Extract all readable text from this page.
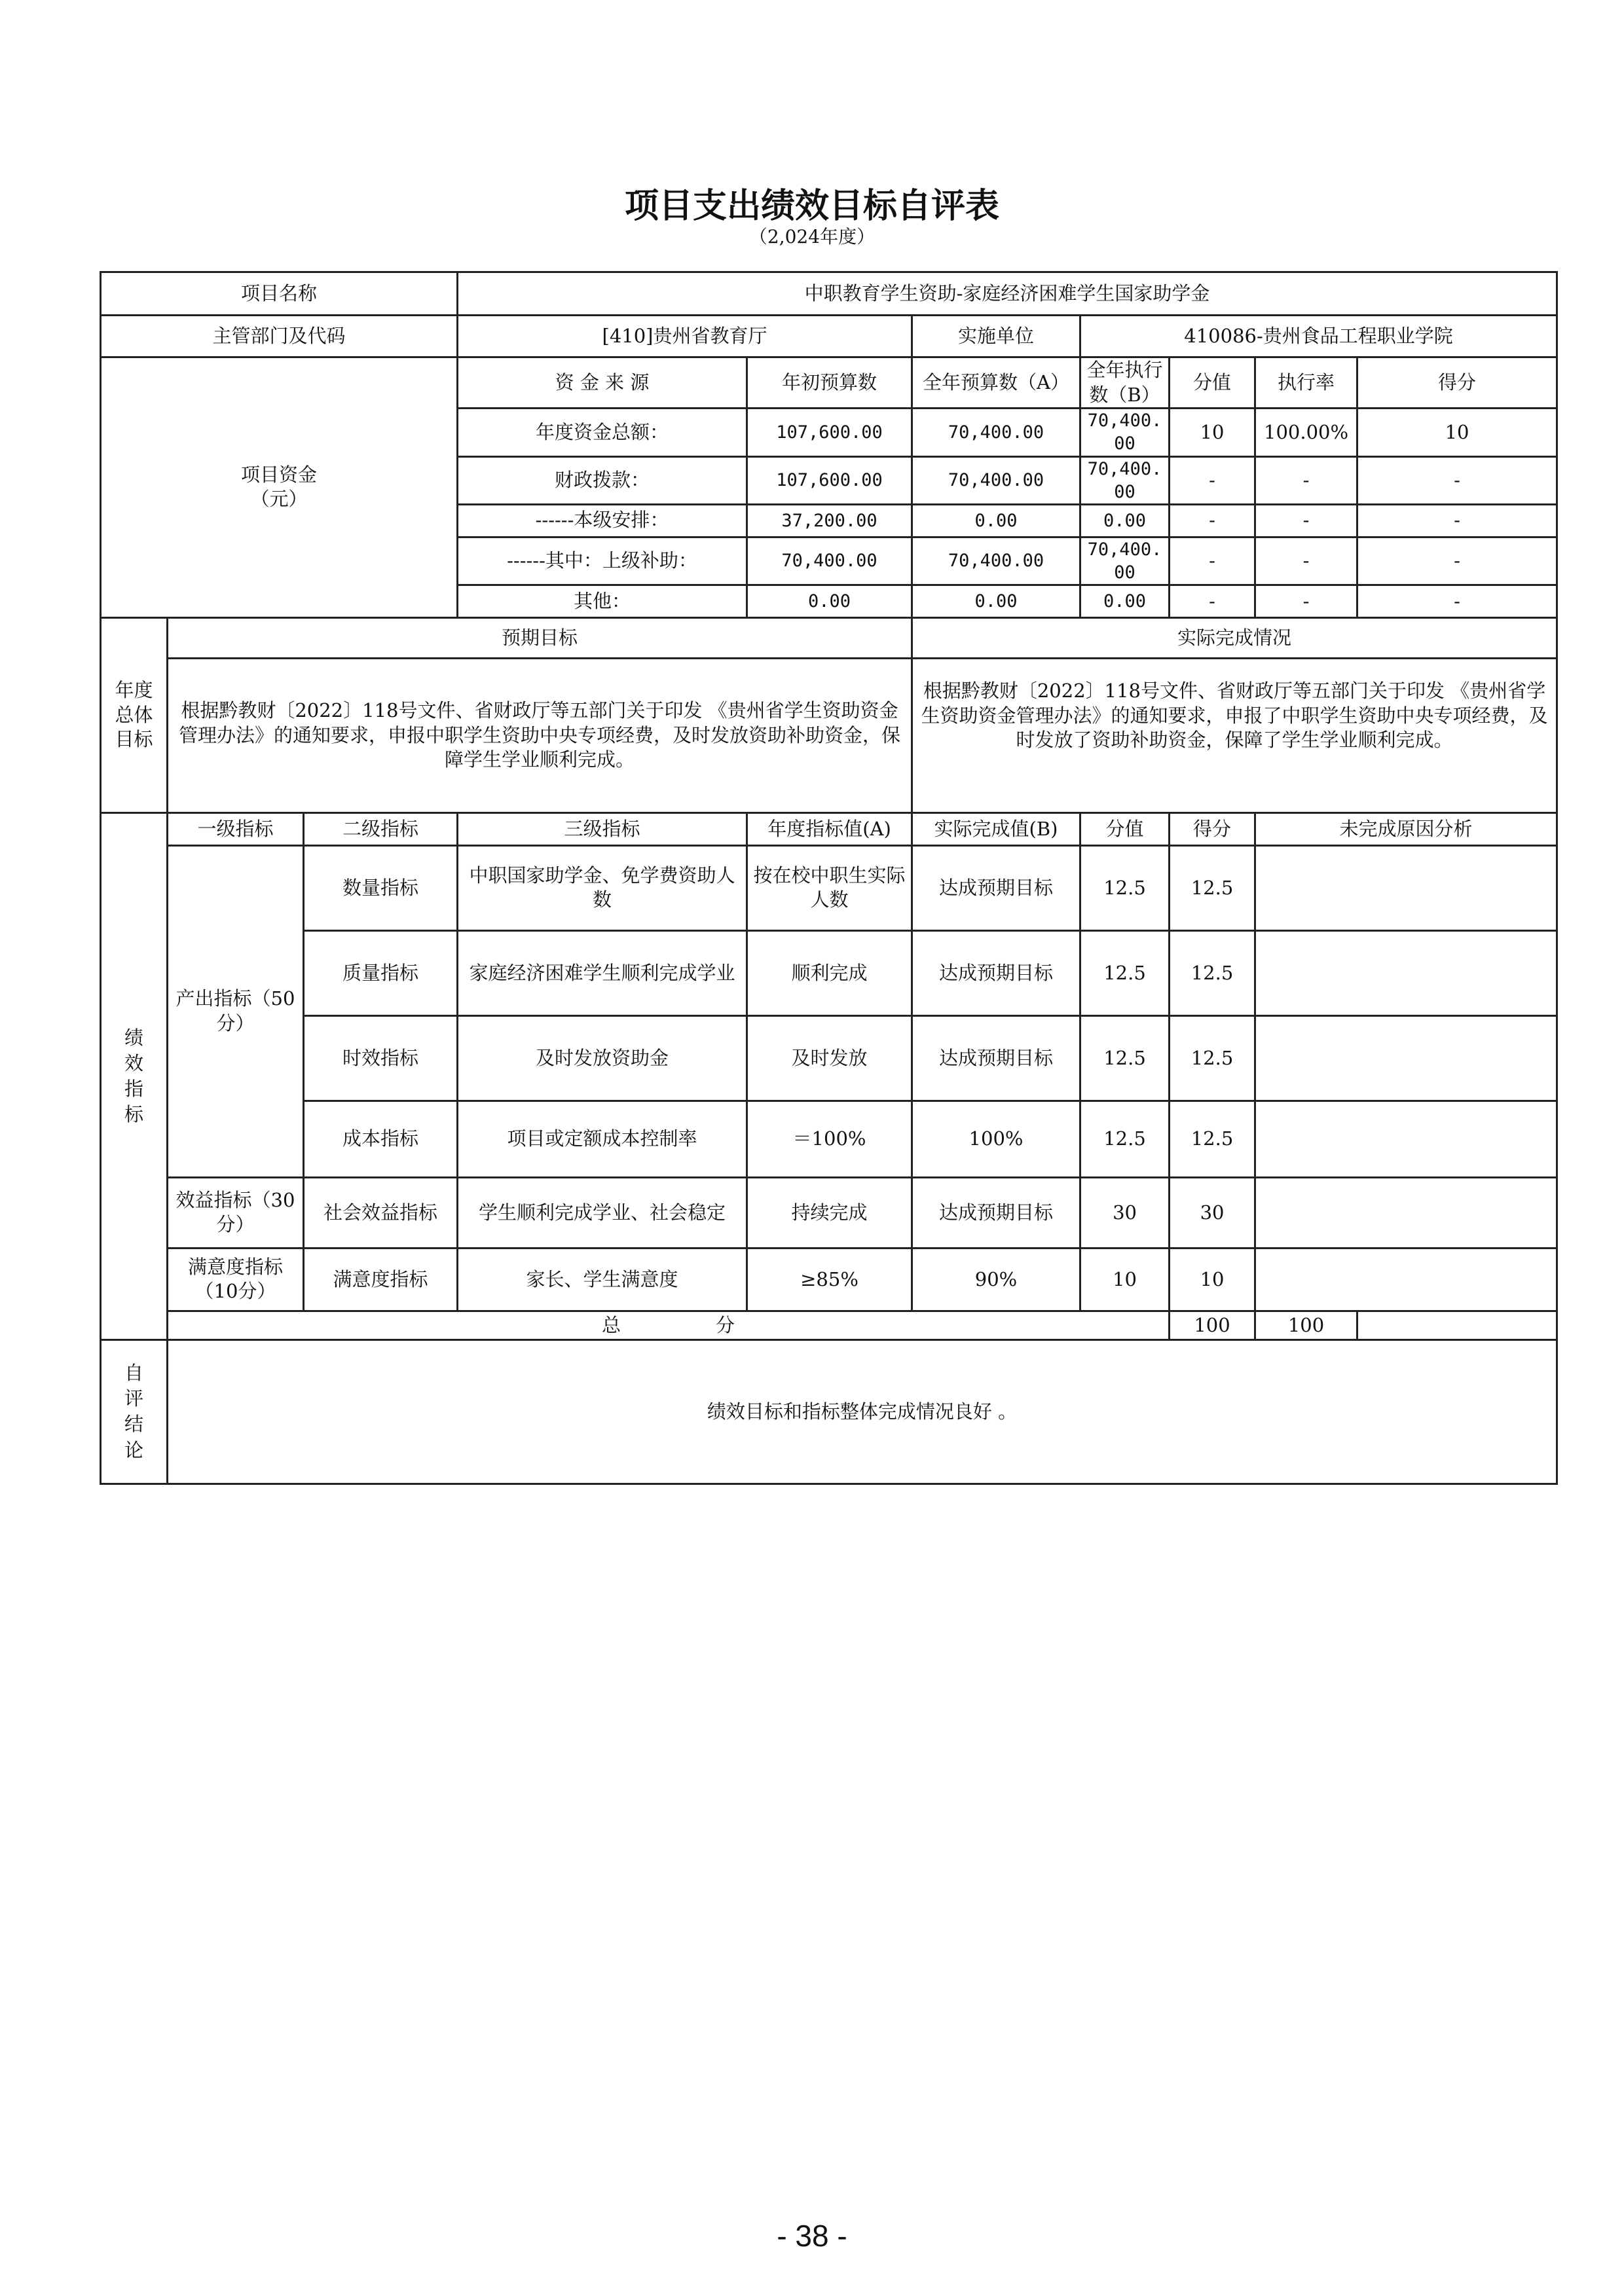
项目支出绩效目标自评表
（2,024年度）
项目名称			中职教育学生资助-家庭经济困难学生国家助学金						
主管部门及代码			[410]贵州省教育厅		实施单位	410086-贵州食品工程职业学院			

项目资金
（元）			资 金 来 源	年初预算数	全年预算数（A）	全年执行数（B）	分值	执行率	得分
			年度资金总额：	107,600.00	70,400.00	70,400.00	10	100.00%	10
			财政拨款：	107,600.00	70,400.00	70,400.00	-	-	-
			------本级安排：	37,200.00	0.00	0.00	-	-	-
			------其中：上级补助：	70,400.00	70,400.00	70,400.00	-	-	-
			其他：	0.00	0.00	0.00	-	-	-
年度总体目标	预期目标				实际完成情况				
	根据黔教财〔2022〕118号文件、省财政厅等五部门关于印发 《贵州省学生资助资金管理办法》的通知要求，申报中职学生资助中央专项经费，及时发放资助补助资金，保障学生学业顺利完成。				根据黔教财〔2022〕118号文件、省财政厅等五部门关于印发 《贵州省学生资助资金管理办法》的通知要求，申报了中职学生资助中央专项经费，及时发放了资助补助资金，保障了学生学业顺利完成。				

绩效指标	一级指标	二级指标	三级指标	年度指标值(A)	实际完成值(B)	分值	得分	未完成原因分析	
	产出指标（50分）	数量指标	中职国家助学金、免学费资助人数	按在校中职生实际人数	达成预期目标	12.5	12.5		
		质量指标	家庭经济困难学生顺利完成学业	顺利完成	达成预期目标	12.5	12.5		
		时效指标	及时发放资助金	及时发放	达成预期目标	12.5	12.5		
		成本指标	项目或定额成本控制率	＝100%	100%	12.5	12.5		
	效益指标（30分）	社会效益指标	学生顺利完成学业、社会稳定	持续完成	达成预期目标	30	30		
	满意度指标（10分）	满意度指标	家长、学生满意度	≥85%	90%	10	10		
	总　　　　　分						100	100	

自评结论	绩效目标和指标整体完成情况良好 。								
- 38 -
